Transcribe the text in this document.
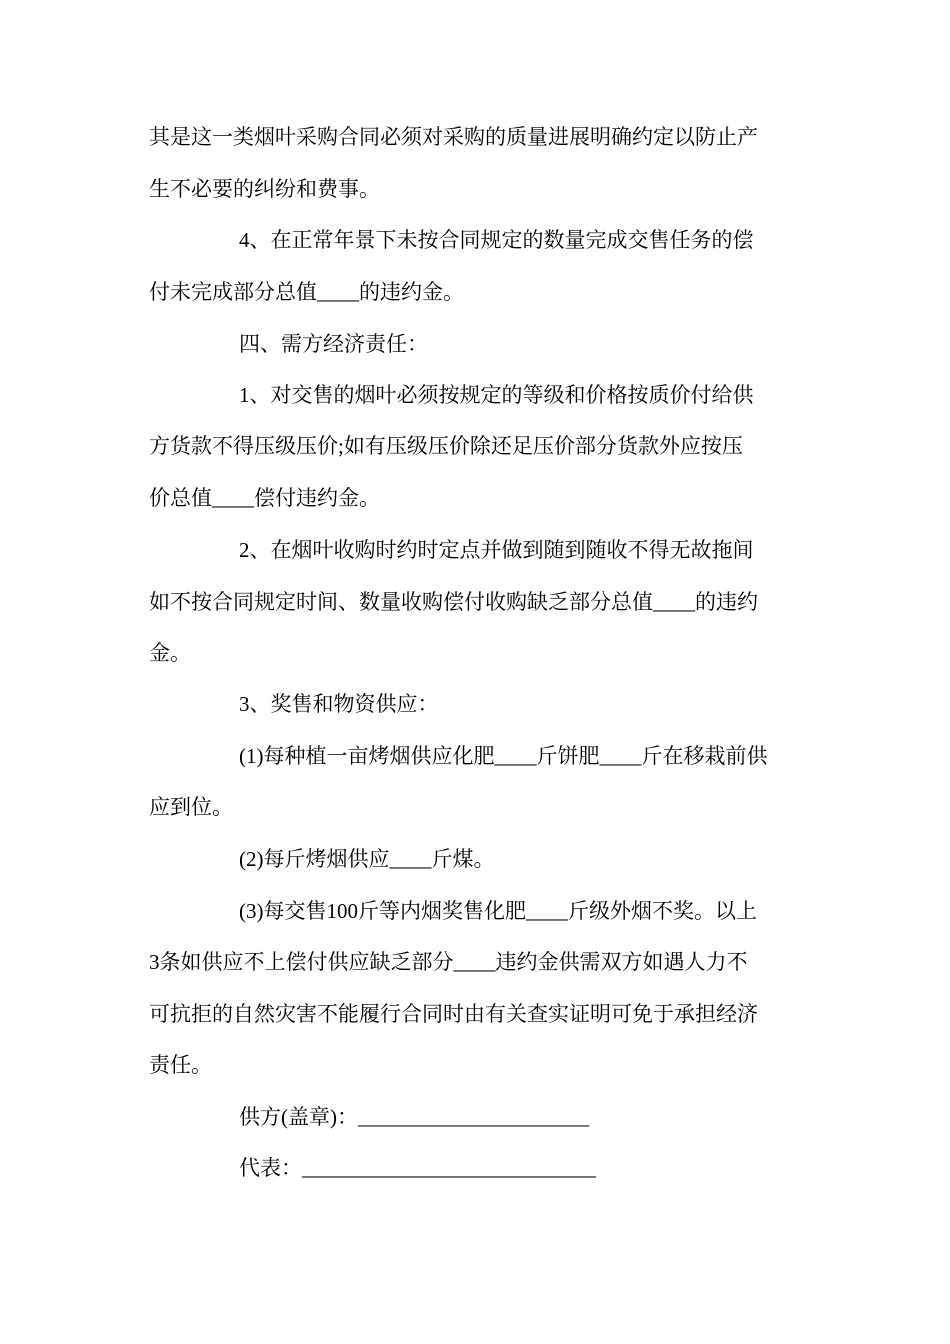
其是这一类烟叶采购合同必须对采购的质量进展明确约定以防止产
生不必要的纠纷和费事。
4、在正常年景下未按合同规定的数量完成交售任务的偿
付未完成部分总值____的违约金。
四、需方经济责任：
1、对交售的烟叶必须按规定的等级和价格按质价付给供
方货款不得压级压价;如有压级压价除还足压价部分货款外应按压
价总值____偿付违约金。
2、在烟叶收购时约时定点并做到随到随收不得无故拖间
如不按合同规定时间、数量收购偿付收购缺乏部分总值____的违约
金。
3、奖售和物资供应：
(1)每种植一亩烤烟供应化肥____斤饼肥____斤在移栽前供
应到位。
(2)每斤烤烟供应____斤煤。
(3)每交售100斤等内烟奖售化肥____斤级外烟不奖。以上
3条如供应不上偿付供应缺乏部分____违约金供需双方如遇人力不
可抗拒的自然灾害不能履行合同时由有关查实证明可免于承担经济
责任。
供方(盖章)：______________________
代表：____________________________
